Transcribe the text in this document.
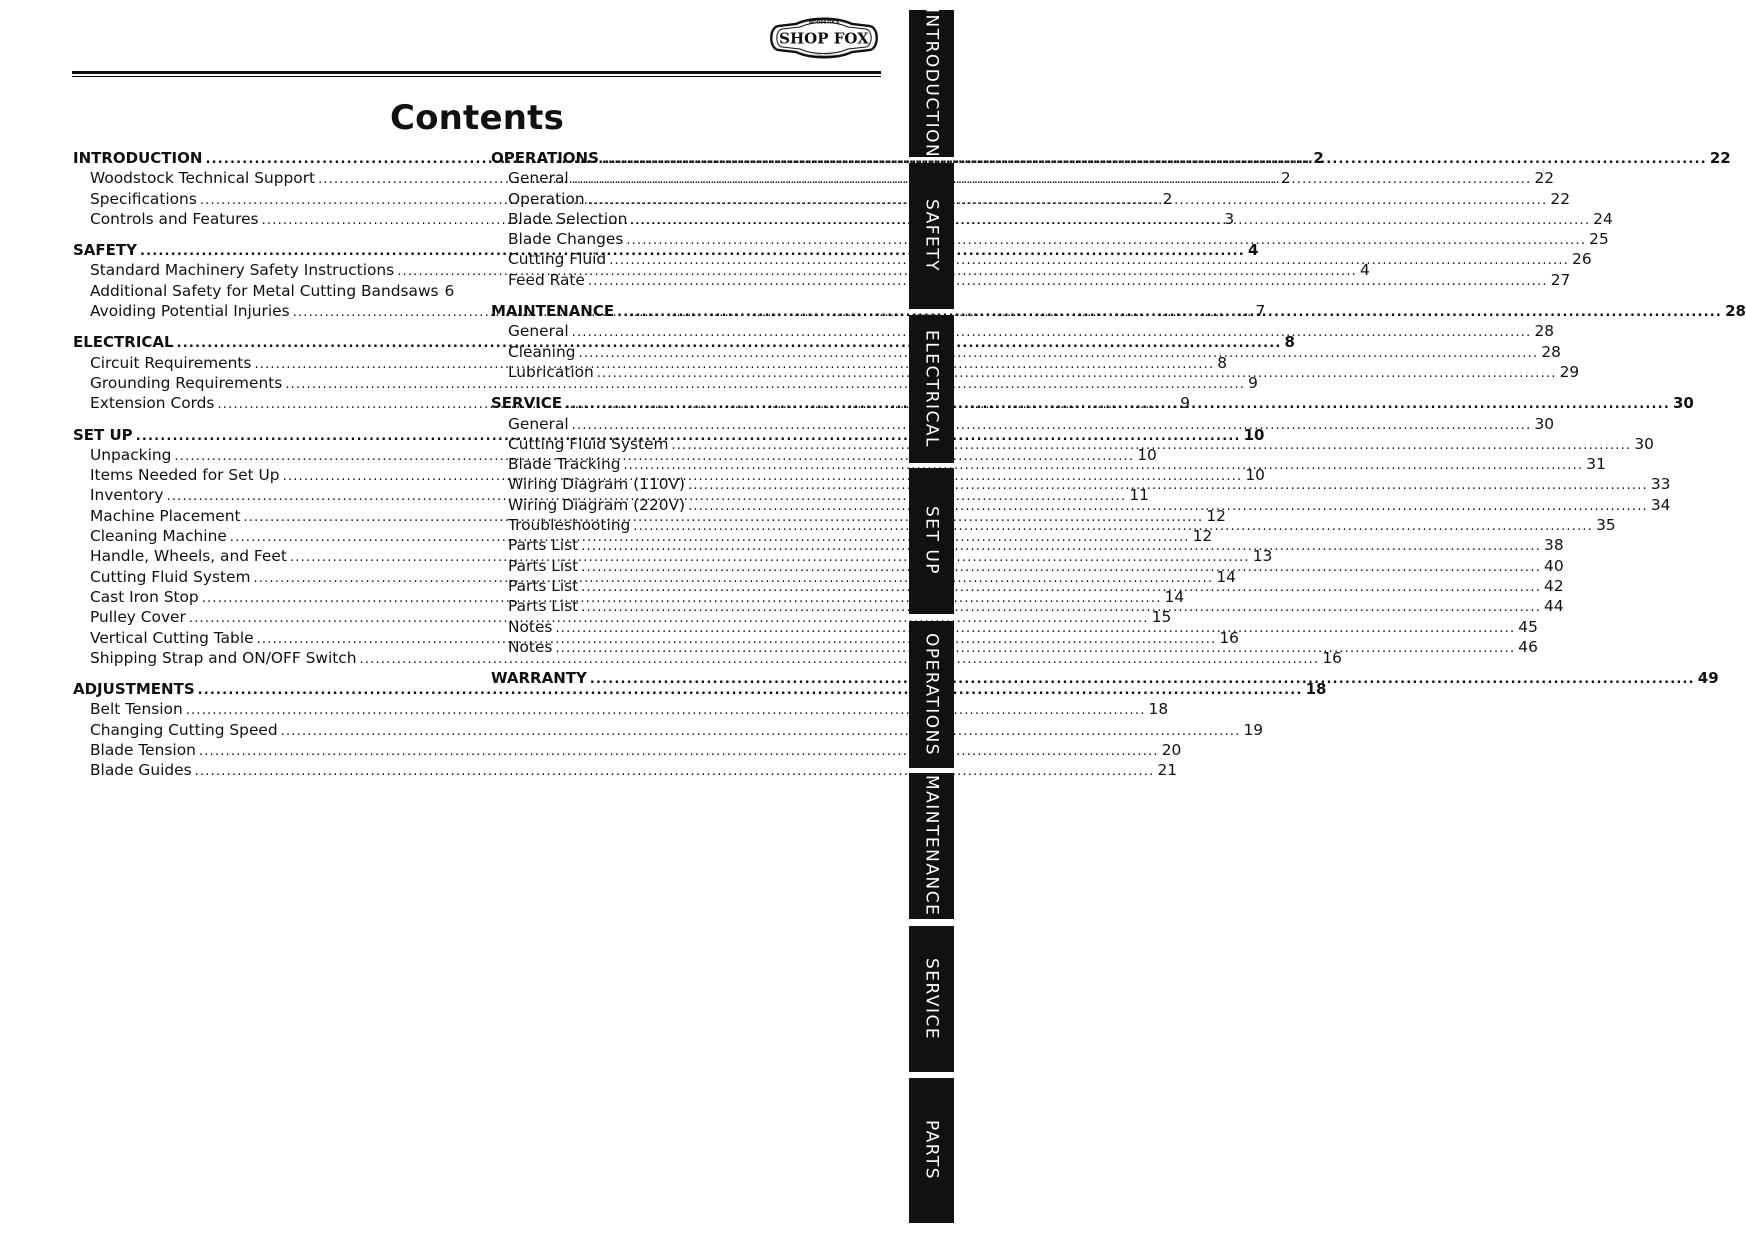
WOODSTOCK
SHOP FOX
INTERNATIONAL
Contents
INTRODUCTION .....	2
Woodstock Technical Support .....	2
Specifications .....	2
Controls and Features .....	3
SAFETY .....	4
Standard Machinery Safety Instructions .....	4
Additional Safety for Metal Cutting Bandsaws 6
Avoiding Potential Injuries .....	7
ELECTRICAL .....	8
Circuit Requirements .....	8
Grounding Requirements .....	9
Extension Cords .....	9
SET UP .....	10
Unpacking .....	10
Items Needed for Set Up .....	10
Inventory .....	11
Machine Placement .....	12
Cleaning Machine .....	12
Handle, Wheels, and Feet .....	13
Cutting Fluid System .....	14
Cast Iron Stop .....	14
Pulley Cover .....	15
Vertical Cutting Table .....	16
Shipping Strap and ON/OFF Switch .....	16
ADJUSTMENTS .....	18
Belt Tension .....	18
Changing Cutting Speed .....	19
Blade Tension .....	20
Blade Guides .....	21
OPERATIONS .....	22
General .....	22
Operation .....	22
Blade Selection .....	24
Blade Changes .....	25
Cutting Fluid .....	26
Feed Rate .....	27
MAINTENANCE .....	28
General .....	28
Cleaning .....	28
Lubrication .....	29
SERVICE .....	30
General .....	30
Cutting Fluid System .....	30
Blade Tracking .....	31
Wiring Diagram (110V) .....	33
Wiring Diagram (220V) .....	34
Troubleshooting .....	35
Parts List .....	38
Parts List .....	40
Parts List .....	42
Parts List .....	44
Notes .....	45
Notes .....	46
WARRANTY .....	49
INTRODUCTION
SAFETY
ELECTRICAL
SET UP
OPERATIONS
MAINTENANCE
SERVICE
PARTS
